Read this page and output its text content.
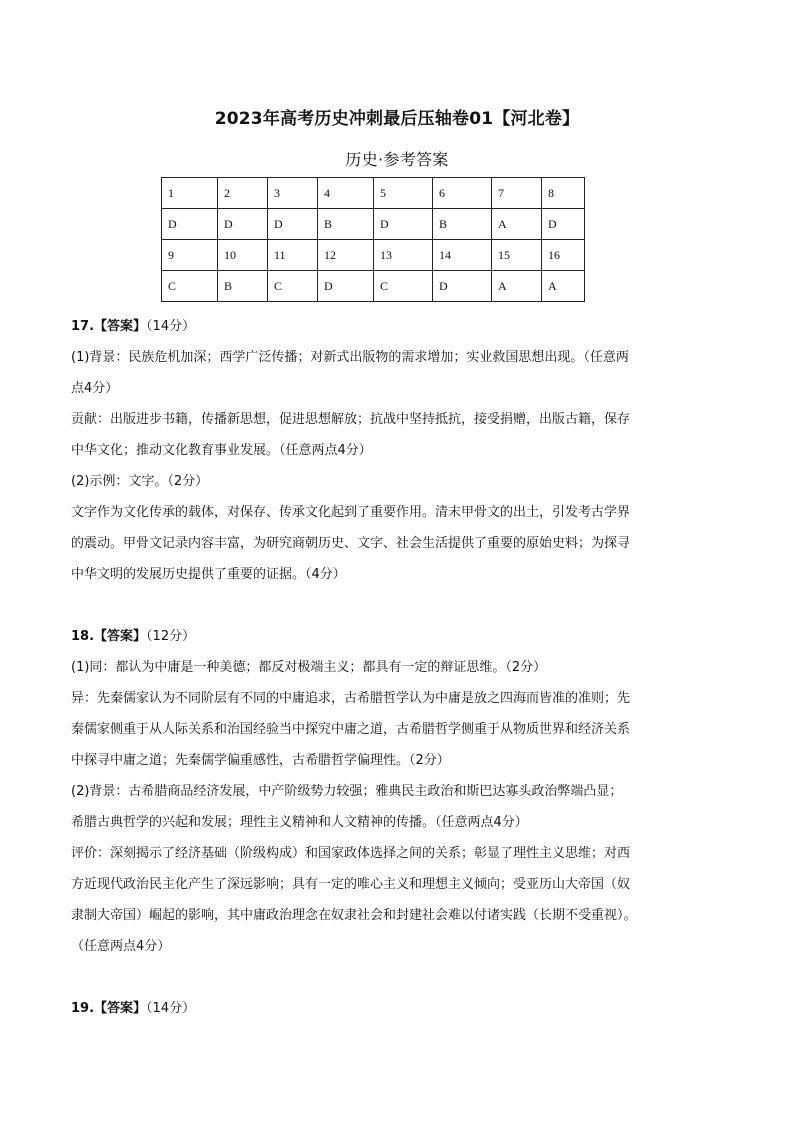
2023年高考历史冲刺最后压轴卷01【河北卷】
历史·参考答案
1	2	3	4	5	6	7	8
D	D	D	B	D	B	A	D
9	10	11	12	13	14	15	16
C	B	C	D	C	D	A	A

17.【答案】（14分）

(1)背景：民族危机加深；西学广泛传播；对新式出版物的需求增加；实业救国思想出现。（任意两

点4分）

贡献：出版进步书籍，传播新思想，促进思想解放；抗战中坚持抵抗，接受捐赠，出版古籍，保存

中华文化；推动文化教育事业发展。（任意两点4分）

(2)示例：文字。（2分）

文字作为文化传承的载体，对保存、传承文化起到了重要作用。清末甲骨文的出土，引发考古学界

的震动。甲骨文记录内容丰富，为研究商朝历史、文字、社会生活提供了重要的原始史料；为探寻

中华文明的发展历史提供了重要的证据。（4分）

18.【答案】（12分）

(1)同：都认为中庸是一种美德；都反对极端主义；都具有一定的辩证思维。（2分）

异：先秦儒家认为不同阶层有不同的中庸追求，古希腊哲学认为中庸是放之四海而皆准的准则；先

秦儒家侧重于从人际关系和治国经验当中探究中庸之道，古希腊哲学侧重于从物质世界和经济关系

中探寻中庸之道；先秦儒学偏重感性，古希腊哲学偏理性。（2分）

(2)背景：古希腊商品经济发展，中产阶级势力较强；雅典民主政治和斯巴达寡头政治弊端凸显；

希腊古典哲学的兴起和发展；理性主义精神和人文精神的传播。（任意两点4分）

评价：深刻揭示了经济基础（阶级构成）和国家政体选择之间的关系；彰显了理性主义思维；对西

方近现代政治民主化产生了深远影响；具有一定的唯心主义和理想主义倾向；受亚历山大帝国（奴

隶制大帝国）崛起的影响，其中庸政治理念在奴隶社会和封建社会难以付诸实践（长期不受重视）。

（任意两点4分）

19.【答案】（14分）
